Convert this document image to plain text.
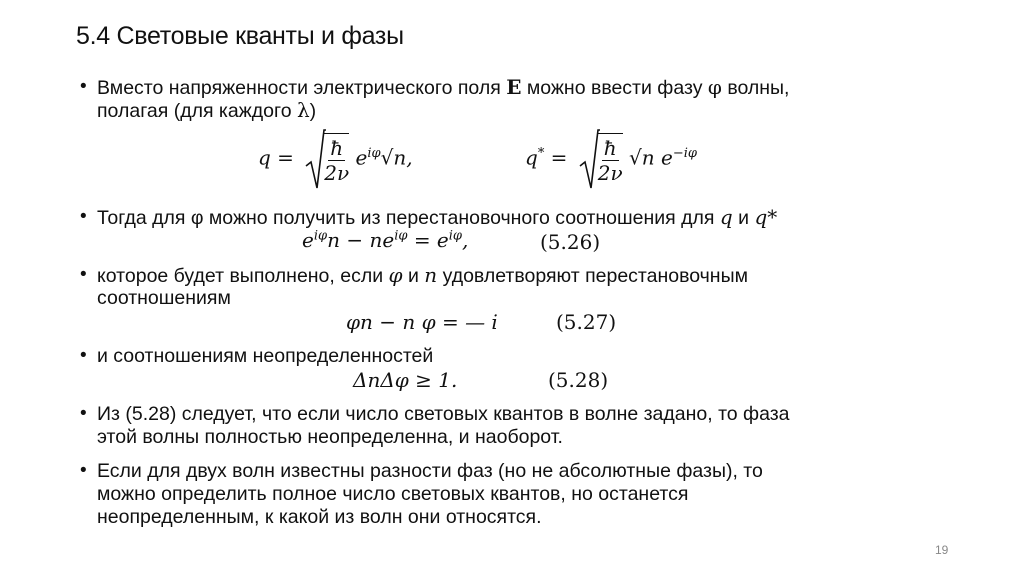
5.4 Световые кванты и фазы
• Вместо напряженности электрического поля E можно ввести фазу φ волны,
полагая (для каждого λ)
$q = \frac{ħ}{2\nu} e^{i\varphi}√n$,	$q^* = \frac{ħ}{2\nu} √n$ $e^{-i\varphi}$
• Тогда для φ можно получить из перестановочного соотношения для q и q*
$e^{i\varphi}n - ne^{i\varphi} = e^{i\varphi}$,	(5.26)
• которое будет выполнено, если φ и n удовлетворяют перестановочным
соотношениям
φn − n φ = — i	(5.27)
• и соотношениям неопределенностей
ΔnΔφ ≥ 1.	(5.28)
• Из (5.28) следует, что если число световых квантов в волне задано, то фаза
этой волны полностью неопределенна, и наоборот.
• Если для двух волн известны разности фаз (но не абсолютные фазы), то
можно определить полное число световых квантов, но останется
неопределенным, к какой из волн они относятся.
19
